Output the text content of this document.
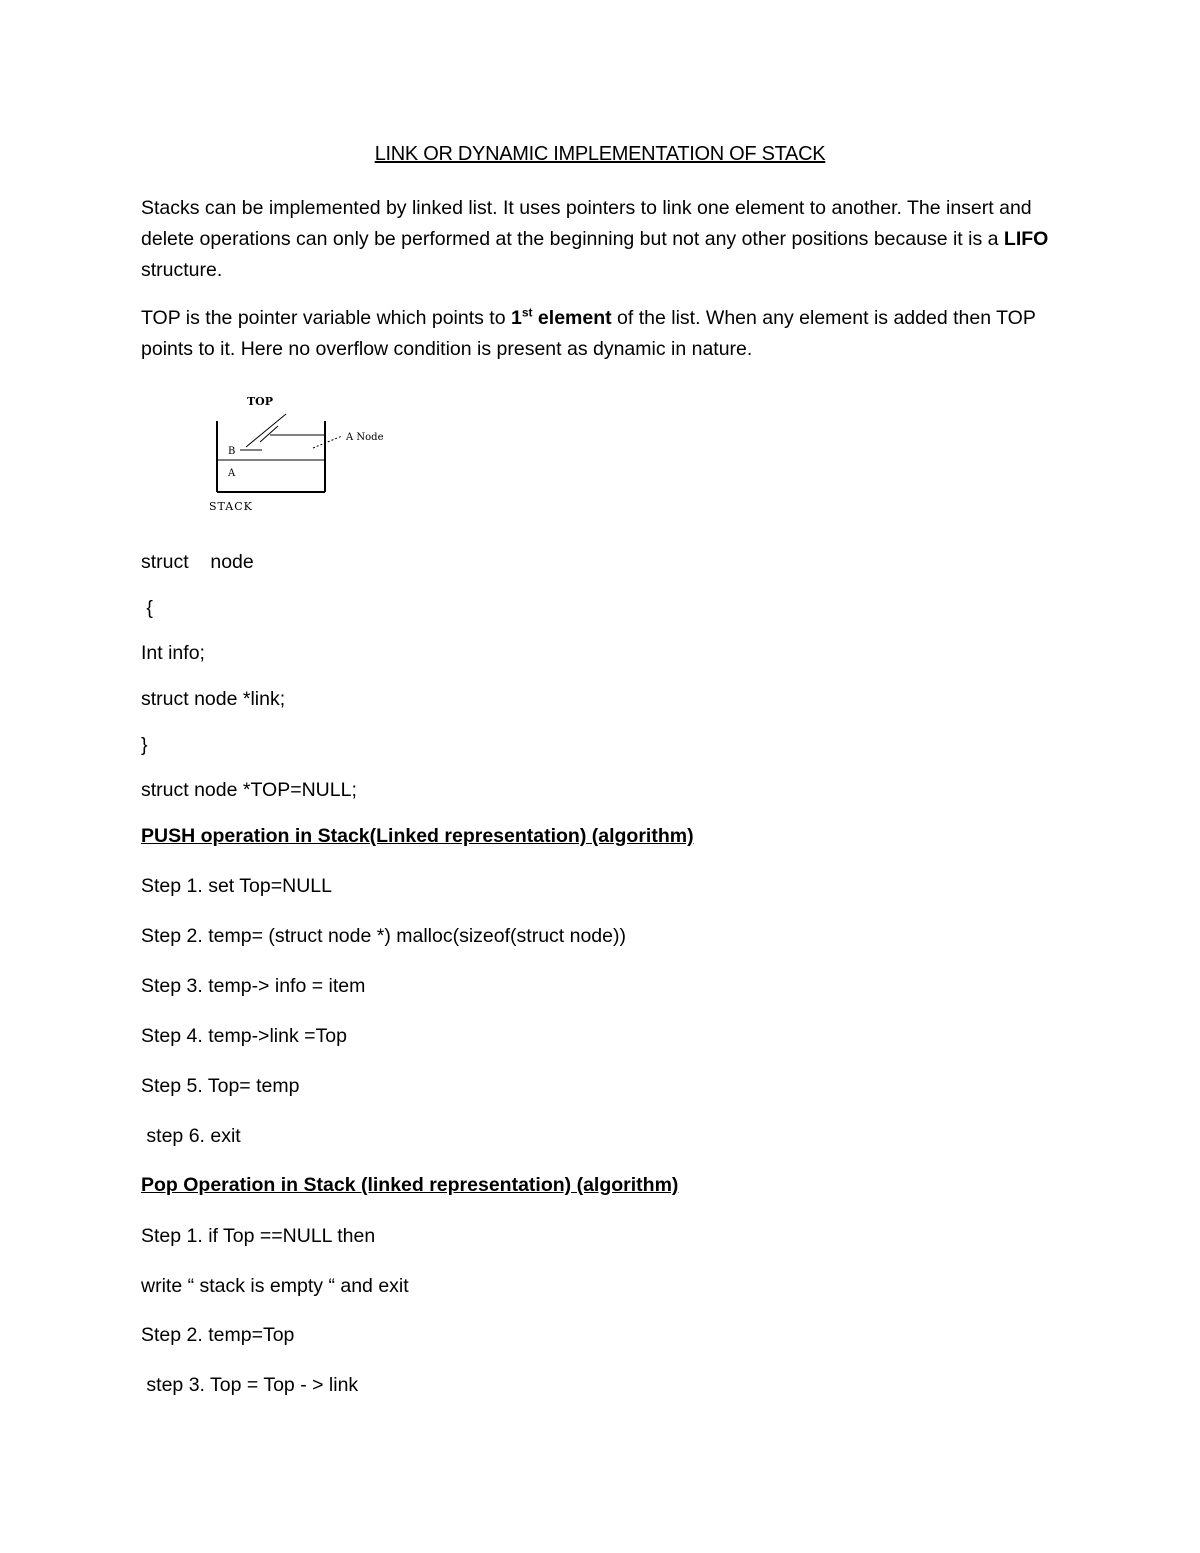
LINK OR DYNAMIC IMPLEMENTATION OF STACK
Stacks can be implemented by linked list. It uses pointers to link one element to another. The insert and delete operations can only be performed at the beginning but not any other positions because it is a LIFO structure.
TOP is the pointer variable which points to 1st element of the list. When any element is added then TOP points to it. Here no overflow condition is present as dynamic in nature.
TOP
B
A
A Node
STACK
struct    node
{
Int info;
struct node *link;
}
struct node *TOP=NULL;
PUSH operation in Stack(Linked representation) (algorithm)
Step 1. set Top=NULL
Step 2. temp= (struct node *) malloc(sizeof(struct node))
Step 3. temp-> info = item
Step 4. temp->link =Top
Step 5. Top= temp
step 6. exit
Pop Operation in Stack (linked representation) (algorithm)
Step 1. if Top ==NULL then
write “ stack is empty “ and exit
Step 2. temp=Top
step 3. Top = Top - > link
